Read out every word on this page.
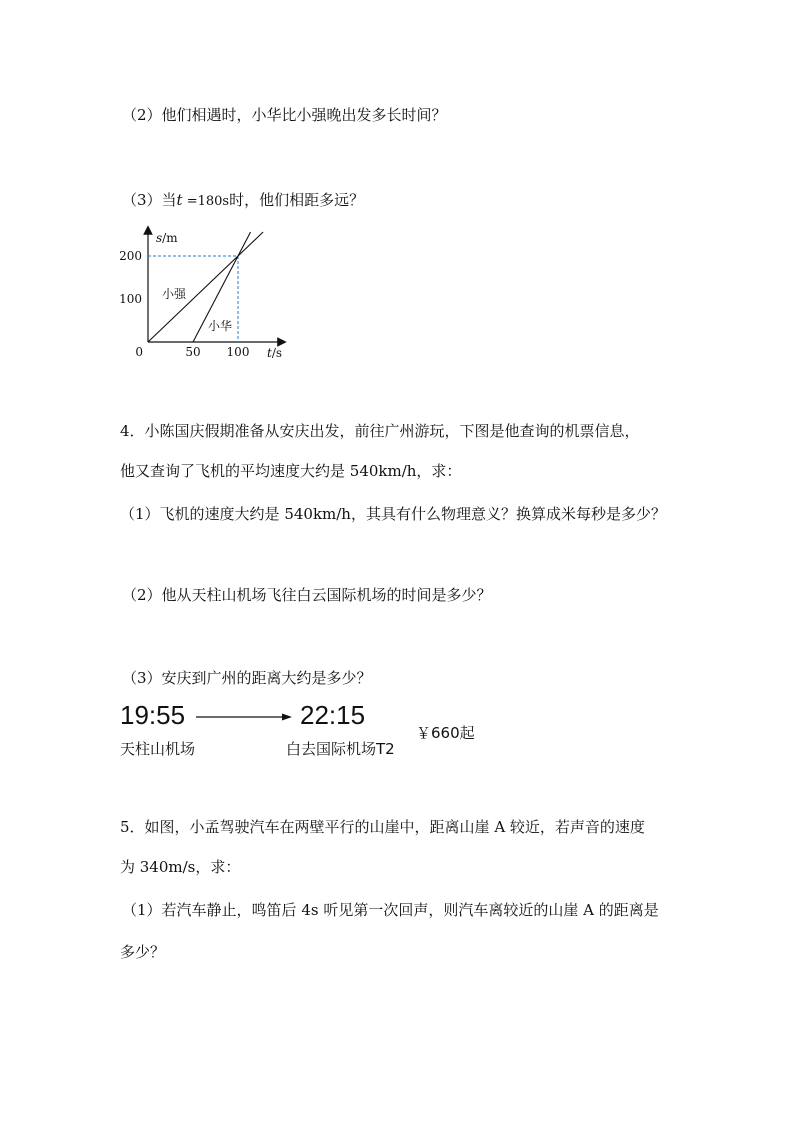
（2）他们相遇时，小华比小强晚出发多长时间？
（3）当t =180s时，他们相距多远？
0	50 100
100
200
s/m
t/s
小强
小华
4．小陈国庆假期准备从安庆出发，前往广州游玩，下图是他查询的机票信息，
他又查询了飞机的平均速度大约是 540km/h，求：
（1）飞机的速度大约是 540km/h，其具有什么物理意义？换算成米每秒是多少？
（2）他从天柱山机场飞往白云国际机场的时间是多少？
（3）安庆到广州的距离大约是多少？
19:55	22:15
天柱山机场	白去国际机场T2
￥660起
5．如图，小孟驾驶汽车在两壁平行的山崖中，距离山崖 A 较近，若声音的速度
为 340m/s，求：
（1）若汽车静止，鸣笛后 4s 听见第一次回声，则汽车离较近的山崖 A 的距离是
多少？
